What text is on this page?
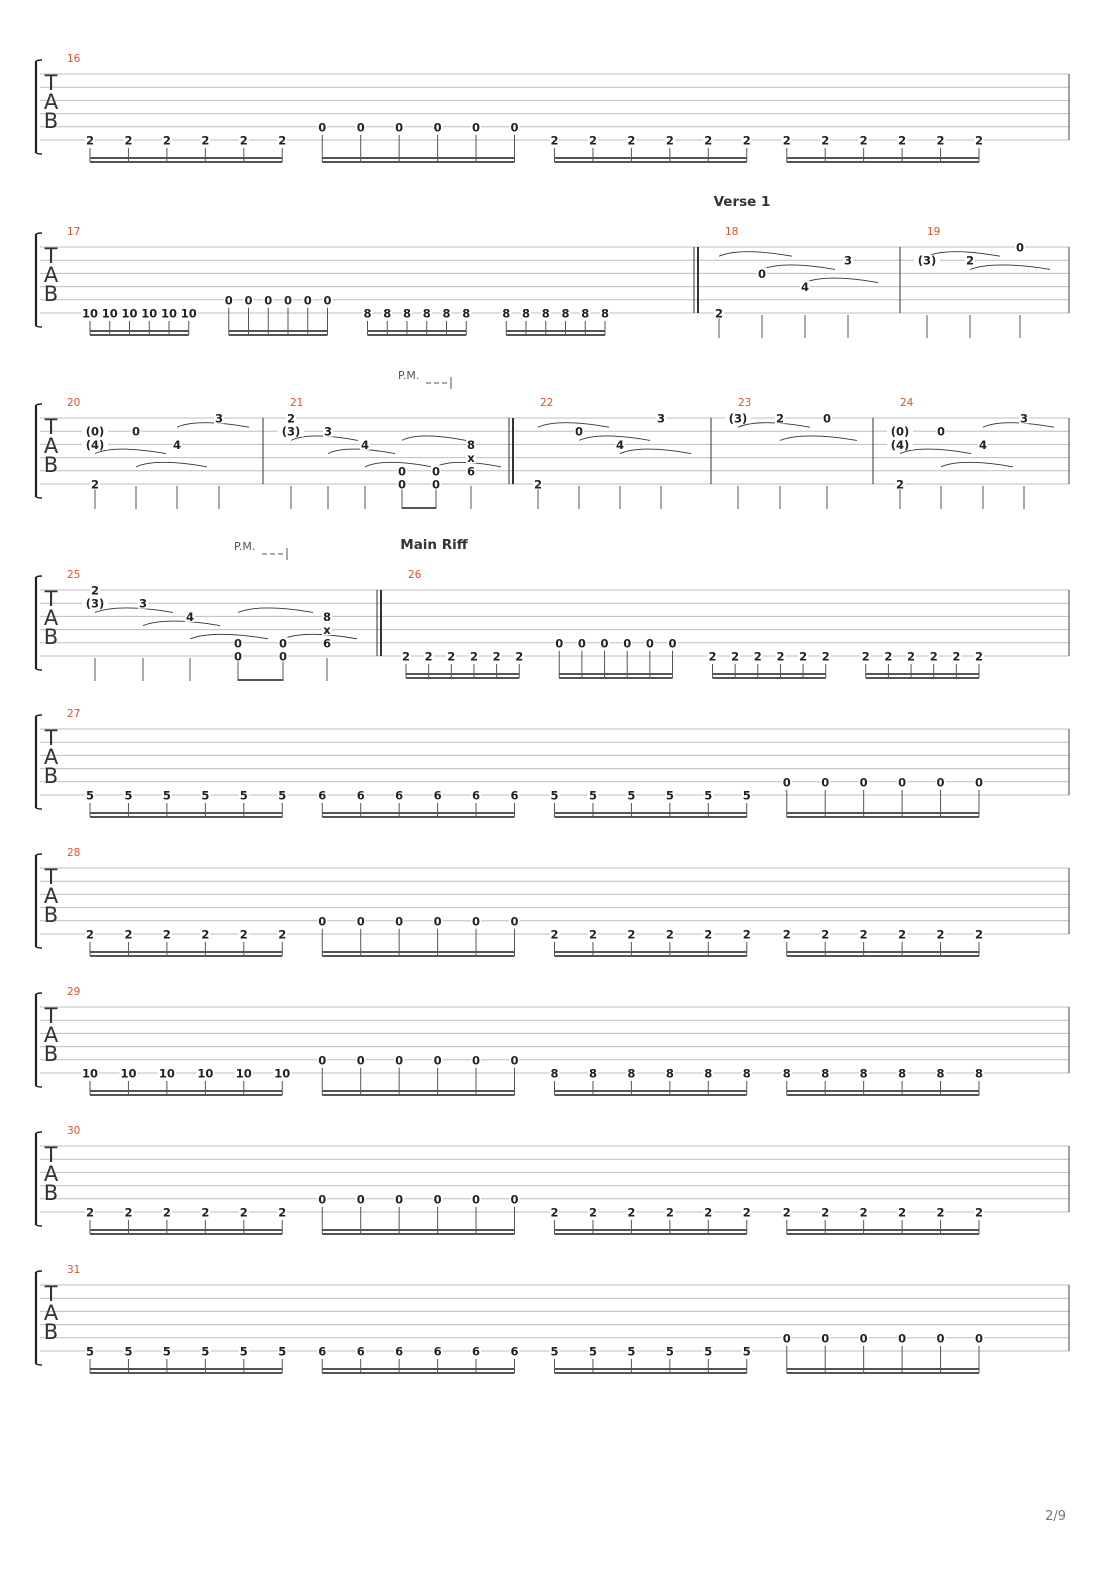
T
A
B
16
2	2	2	2	2	2
0	0	0	0	0	0
2	2	2	2	2	2	2	2	2	2	2	2
T
A
B
Verse 1
17
10 10 10 10 10 10
0 0 0 0 0 0
8 8 8 8 8 8	8 8 8 8 8 8
18
2
0
4
3
19
(3)	2
0
T
A
B
20
(0)
(4)
2
0
4
3
21
2
(3) 3
4
0
0
0
0
8
x
6
22
2
0
4
3
23
(3) 2	0
24
(0)
(4)
2
0
4
3
T
A
B
Main Riff
25
2
(3)	3
4
0
0
0
0
8
x
6
26
2 2 2 2 2 2
0 0 0 0 0 0
2 2 2 2 2 2	2 2 2 2 2 2
T
A
B
27
5	5	5	5	5	5	6	6	6	6	6	6	5	5	5	5	5	5
0	0	0	0	0	0
T
A
B
28
2	2	2	2	2	2
0	0	0	0	0	0
2	2	2	2	2	2	2	2	2	2	2	2
T
A
B
29
10 10 10 10 10 10
0	0	0	0	0	0
8	8	8	8	8	8	8	8	8	8	8	8
T
A
B
30
2	2	2	2	2	2
0	0	0	0	0	0
2	2	2	2	2	2	2	2	2	2	2	2
T
A
B
31
5	5	5	5	5	5	6	6	6	6	6	6	5	5	5	5	5	5
0	0	0	0	0	0
P.M.
P.M.
2/9
